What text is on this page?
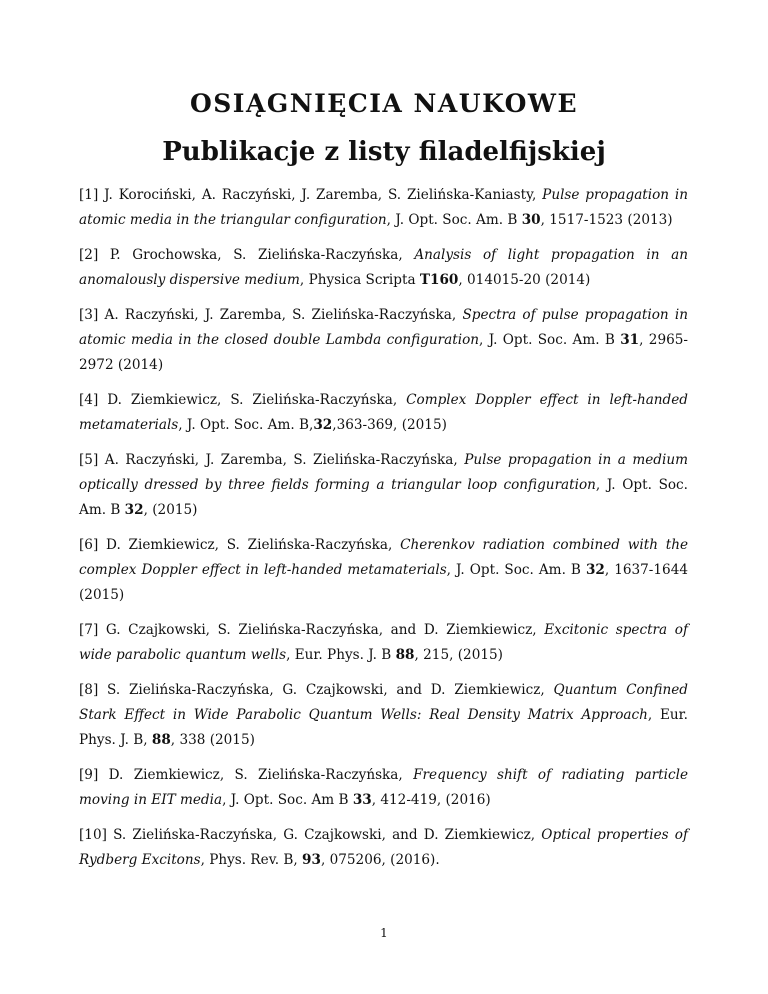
OSIĄGNIĘCIA NAUKOWE
Publikacje z listy filadelfijskiej

[1] J. Korociński, A. Raczyński, J. Zaremba, S. Zielińska-Kaniasty, Pulse propagation in atomic media in the triangular configuration, J. Opt. Soc. Am. B 30, 1517-1523 (2013)

[2] P. Grochowska, S. Zielińska-Raczyńska, Analysis of light propagation in an anomalously dispersive medium, Physica Scripta T160, 014015-20 (2014)

[3] A. Raczyński, J. Zaremba, S. Zielińska-Raczyńska, Spectra of pulse propagation in atomic media in the closed double Lambda configuration, J. Opt. Soc. Am. B 31, 2965-2972 (2014)

[4] D. Ziemkiewicz, S. Zielińska-Raczyńska, Complex Doppler effect in left-handed metamaterials, J. Opt. Soc. Am. B,32,363-369, (2015)

[5] A. Raczyński, J. Zaremba, S. Zielińska-Raczyńska, Pulse propagation in a medium optically dressed by three fields forming a triangular loop configuration, J. Opt. Soc. Am. B 32, (2015)

[6] D. Ziemkiewicz, S. Zielińska-Raczyńska, Cherenkov radiation combined with the complex Doppler effect in left-handed metamaterials, J. Opt. Soc. Am. B 32, 1637-1644 (2015)

[7] G. Czajkowski, S. Zielińska-Raczyńska, and D. Ziemkiewicz, Excitonic spectra of wide parabolic quantum wells, Eur. Phys. J. B 88, 215, (2015)

[8] S. Zielińska-Raczyńska, G. Czajkowski, and D. Ziemkiewicz, Quantum Confined Stark Effect in Wide Parabolic Quantum Wells: Real Density Matrix Approach, Eur. Phys. J. B, 88, 338 (2015)

[9] D. Ziemkiewicz, S. Zielińska-Raczyńska, Frequency shift of radiating particle moving in EIT media, J. Opt. Soc. Am B 33, 412-419, (2016)

[10] S. Zielińska-Raczyńska, G. Czajkowski, and D. Ziemkiewicz, Optical properties of Rydberg Excitons, Phys. Rev. B, 93, 075206, (2016).

1
